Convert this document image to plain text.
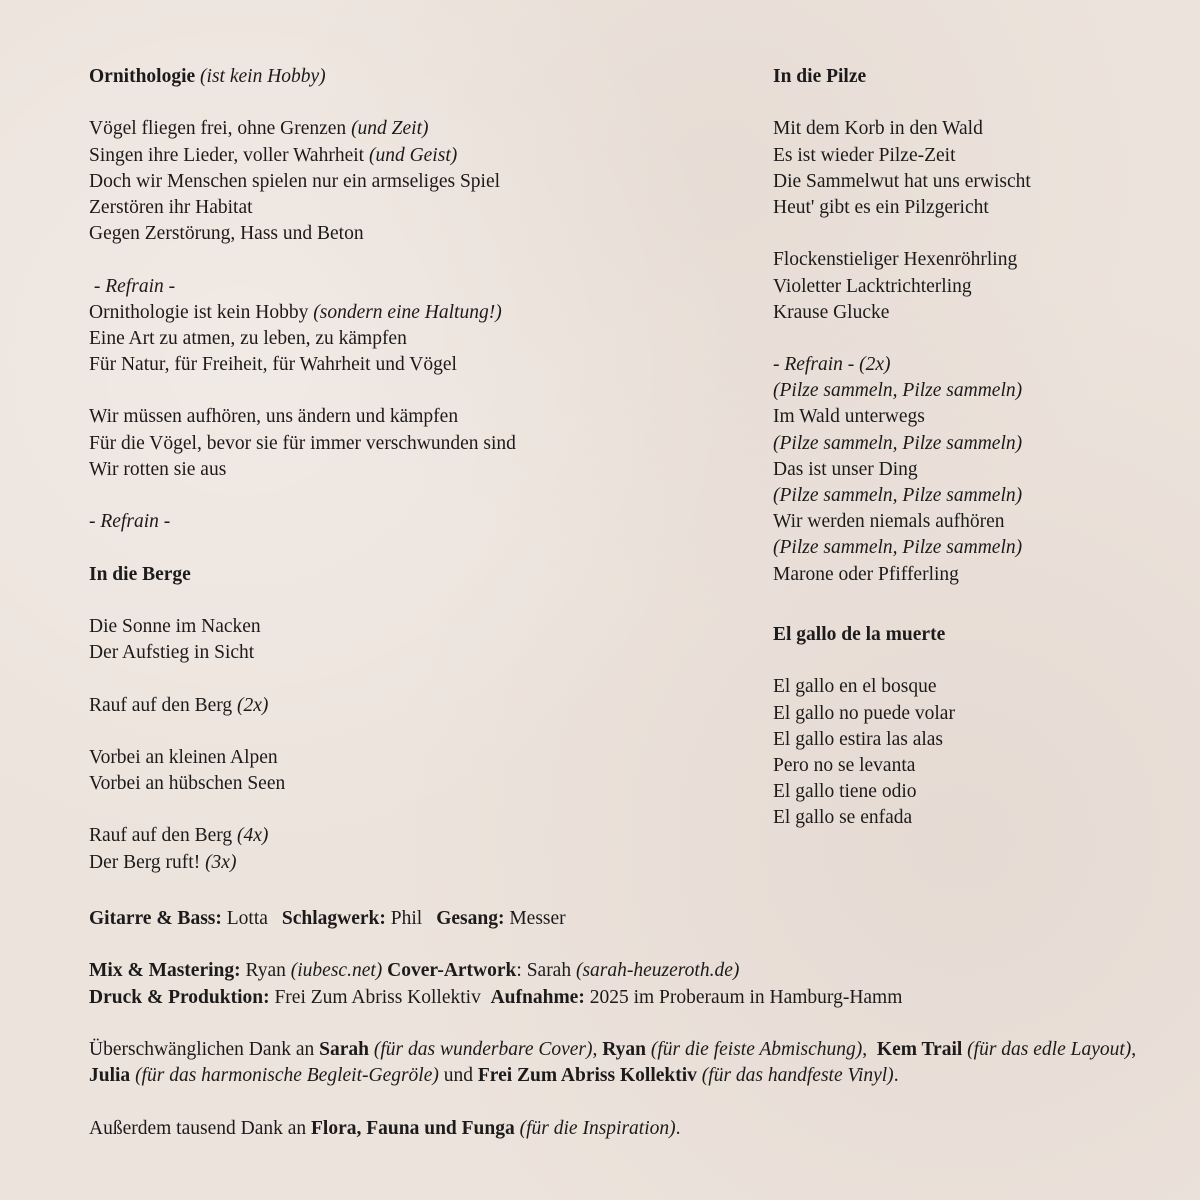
Ornithologie (ist kein Hobby)
Vögel fliegen frei, ohne Grenzen (und Zeit)
Singen ihre Lieder, voller Wahrheit (und Geist)
Doch wir Menschen spielen nur ein armseliges Spiel
Zerstören ihr Habitat
Gegen Zerstörung, Hass und Beton
- Refrain -
Ornithologie ist kein Hobby (sondern eine Haltung!)
Eine Art zu atmen, zu leben, zu kämpfen
Für Natur, für Freiheit, für Wahrheit und Vögel
Wir müssen aufhören, uns ändern und kämpfen
Für die Vögel, bevor sie für immer verschwunden sind
Wir rotten sie aus
- Refrain -
In die Berge
Die Sonne im Nacken
Der Aufstieg in Sicht
Rauf auf den Berg (2x)
Vorbei an kleinen Alpen
Vorbei an hübschen Seen
Rauf auf den Berg (4x)
Der Berg ruft! (3x)
In die Pilze
Mit dem Korb in den Wald
Es ist wieder Pilze-Zeit
Die Sammelwut hat uns erwischt
Heut' gibt es ein Pilzgericht
Flockenstieliger Hexenröhrling
Violetter Lacktrichterling
Krause Glucke
- Refrain - (2x)
(Pilze sammeln, Pilze sammeln)
Im Wald unterwegs
(Pilze sammeln, Pilze sammeln)
Das ist unser Ding
(Pilze sammeln, Pilze sammeln)
Wir werden niemals aufhören
(Pilze sammeln, Pilze sammeln)
Marone oder Pfifferling
El gallo de la muerte
El gallo en el bosque
El gallo no puede volar
El gallo estira las alas
Pero no se levanta
El gallo tiene odio
El gallo se enfada
Gitarre & Bass: Lotta Schlagwerk: Phil Gesang: Messer
Mix & Mastering: Ryan (iubesc.net) Cover-Artwork: Sarah (sarah-heuzeroth.de)
Druck & Produktion: Frei Zum Abriss Kollektiv  Aufnahme: 2025 im Proberaum in Hamburg-Hamm
Überschwänglichen Dank an Sarah (für das wunderbare Cover), Ryan (für die feiste Abmischung),  Kem Trail (für das edle Layout), Julia (für das harmonische Begleit-Gegröle) und Frei Zum Abriss Kollektiv (für das handfeste Vinyl).
Außerdem tausend Dank an Flora, Fauna und Funga (für die Inspiration).
